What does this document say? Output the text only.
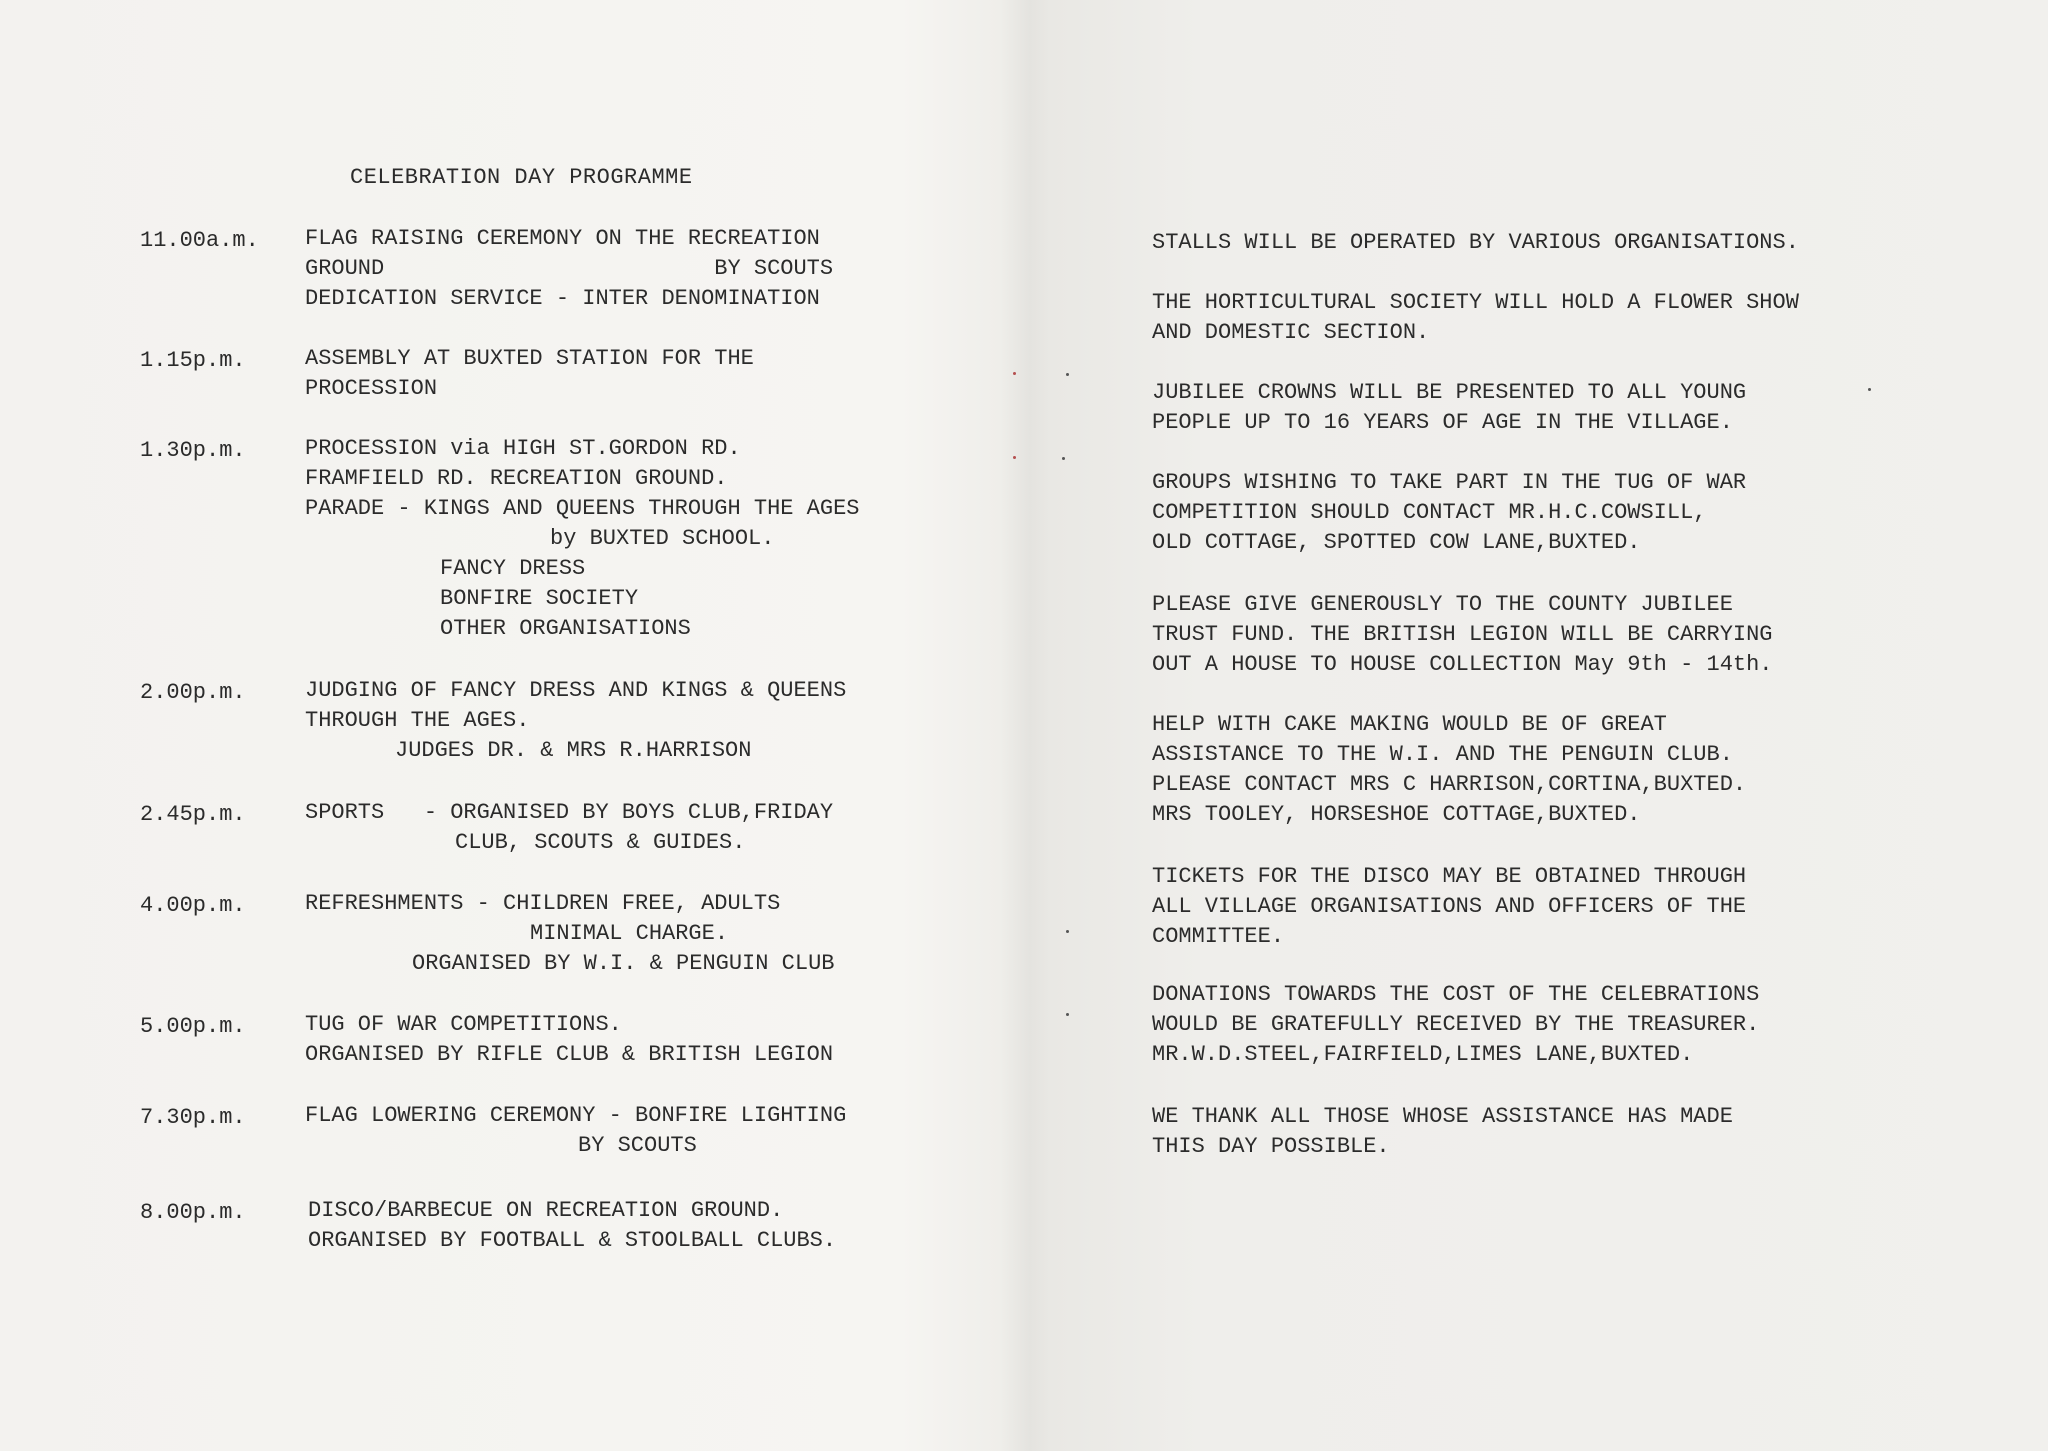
CELEBRATION DAY PROGRAMME
11.00a.m.	FLAG RAISING CEREMONY ON THE RECREATION
GROUND                         BY SCOUTS
DEDICATION SERVICE - INTER DENOMINATION
1.15p.m.	ASSEMBLY AT BUXTED STATION FOR THE
PROCESSION
1.30p.m.	PROCESSION via HIGH ST.GORDON RD.
FRAMFIELD RD. RECREATION GROUND.
PARADE - KINGS AND QUEENS THROUGH THE AGES
by BUXTED SCHOOL.
FANCY DRESS
BONFIRE SOCIETY
OTHER ORGANISATIONS
2.00p.m.	JUDGING OF FANCY DRESS AND KINGS & QUEENS
THROUGH THE AGES.
JUDGES DR. & MRS R.HARRISON
2.45p.m.	SPORTS   - ORGANISED BY BOYS CLUB,FRIDAY
CLUB, SCOUTS & GUIDES.
4.00p.m.	REFRESHMENTS - CHILDREN FREE, ADULTS
MINIMAL CHARGE.
ORGANISED BY W.I. & PENGUIN CLUB
5.00p.m.	TUG OF WAR COMPETITIONS.
ORGANISED BY RIFLE CLUB & BRITISH LEGION
7.30p.m.	FLAG LOWERING CEREMONY - BONFIRE LIGHTING
BY SCOUTS
8.00p.m.	DISCO/BARBECUE ON RECREATION GROUND.
ORGANISED BY FOOTBALL & STOOLBALL CLUBS.
STALLS WILL BE OPERATED BY VARIOUS ORGANISATIONS.
THE HORTICULTURAL SOCIETY WILL HOLD A FLOWER SHOW
AND DOMESTIC SECTION.
JUBILEE CROWNS WILL BE PRESENTED TO ALL YOUNG
PEOPLE UP TO 16 YEARS OF AGE IN THE VILLAGE.
GROUPS WISHING TO TAKE PART IN THE TUG OF WAR
COMPETITION SHOULD CONTACT MR.H.C.COWSILL,
OLD COTTAGE, SPOTTED COW LANE,BUXTED.
PLEASE GIVE GENEROUSLY TO THE COUNTY JUBILEE
TRUST FUND. THE BRITISH LEGION WILL BE CARRYING
OUT A HOUSE TO HOUSE COLLECTION May 9th - 14th.
HELP WITH CAKE MAKING WOULD BE OF GREAT
ASSISTANCE TO THE W.I. AND THE PENGUIN CLUB.
PLEASE CONTACT MRS C HARRISON,CORTINA,BUXTED.
MRS TOOLEY, HORSESHOE COTTAGE,BUXTED.
TICKETS FOR THE DISCO MAY BE OBTAINED THROUGH
ALL VILLAGE ORGANISATIONS AND OFFICERS OF THE
COMMITTEE.
DONATIONS TOWARDS THE COST OF THE CELEBRATIONS
WOULD BE GRATEFULLY RECEIVED BY THE TREASURER.
MR.W.D.STEEL,FAIRFIELD,LIMES LANE,BUXTED.
WE THANK ALL THOSE WHOSE ASSISTANCE HAS MADE
THIS DAY POSSIBLE.
